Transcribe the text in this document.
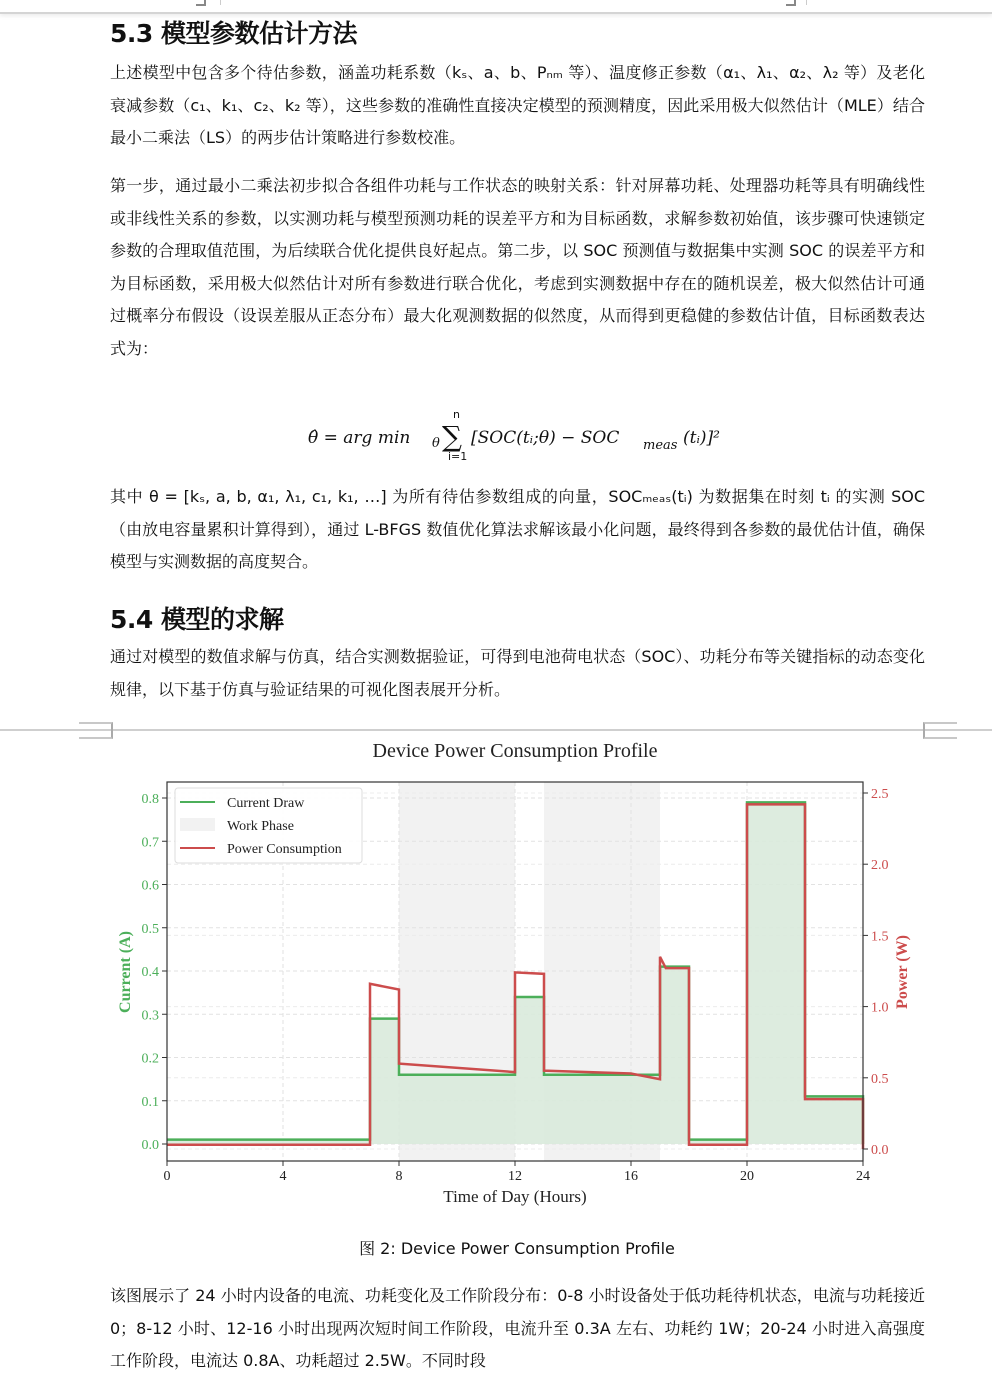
5.3 模型参数估计方法

上述模型中包含多个待估参数，涵盖功耗系数（kₛ、a、b、Pₙₘ 等）、温度修正参数（α₁、λ₁、α₂、λ₂ 等）及老化衰减参数（c₁、k₁、c₂、k₂ 等），这些参数的准确性直接决定模型的预测精度，因此采用极大似然估计（MLE）结合最小二乘法（LS）的两步估计策略进行参数校准。

第一步，通过最小二乘法初步拟合各组件功耗与工作状态的映射关系：针对屏幕功耗、处理器功耗等具有明确线性或非线性关系的参数，以实测功耗与模型预测功耗的误差平方和为目标函数，求解参数初始值，该步骤可快速锁定参数的合理取值范围，为后续联合优化提供良好起点。第二步，以 SOC 预测值与数据集中实测 SOC 的误差平方和为目标函数，采用极大似然估计对所有参数进行联合优化，考虑到实测数据中存在的随机误差，极大似然估计可通过概率分布假设（设误差服从正态分布）最大化观测数据的似然度，从而得到更稳健的参数估计值，目标函数表达式为：

θ̂ = arg min θ
n
∑
i=1
[SOC(tᵢ;θ) − SOC meas (tᵢ)]²

其中 θ = [kₛ, a, b, α₁, λ₁, c₁, k₁, …] 为所有待估参数组成的向量，SOCₘₑₐₛ(tᵢ) 为数据集在时刻 tᵢ 的实测 SOC（由放电容量累积计算得到），通过 L-BFGS 数值优化算法求解该最小化问题，最终得到各参数的最优估计值，确保模型与实测数据的高度契合。

5.4 模型的求解

通过对模型的数值求解与仿真，结合实测数据验证，可得到电池荷电状态（SOC）、功耗分布等关键指标的动态变化规律，以下基于仿真与验证结果的可视化图表展开分析。

Device Power Consumption Profile
0	4	8	12	16	20	24
0.0
0.1
0.2
0.3
0.4
0.5
0.6
0.7
0.8
0.0
0.5
1.0
1.5
2.0
2.5
Time of Day (Hours)
Current (A)	Power (W)
Current Draw
Work Phase
Power Consumption
图 2: Device Power Consumption Profile

该图展示了 24 小时内设备的电流、功耗变化及工作阶段分布：0-8 小时设备处于低功耗待机状态，电流与功耗接近 0；8-12 小时、12-16 小时出现两次短时间工作阶段，电流升至 0.3A 左右、功耗约 1W；20-24 小时进入高强度工作阶段，电流达 0.8A、功耗超过 2.5W。不同时段
